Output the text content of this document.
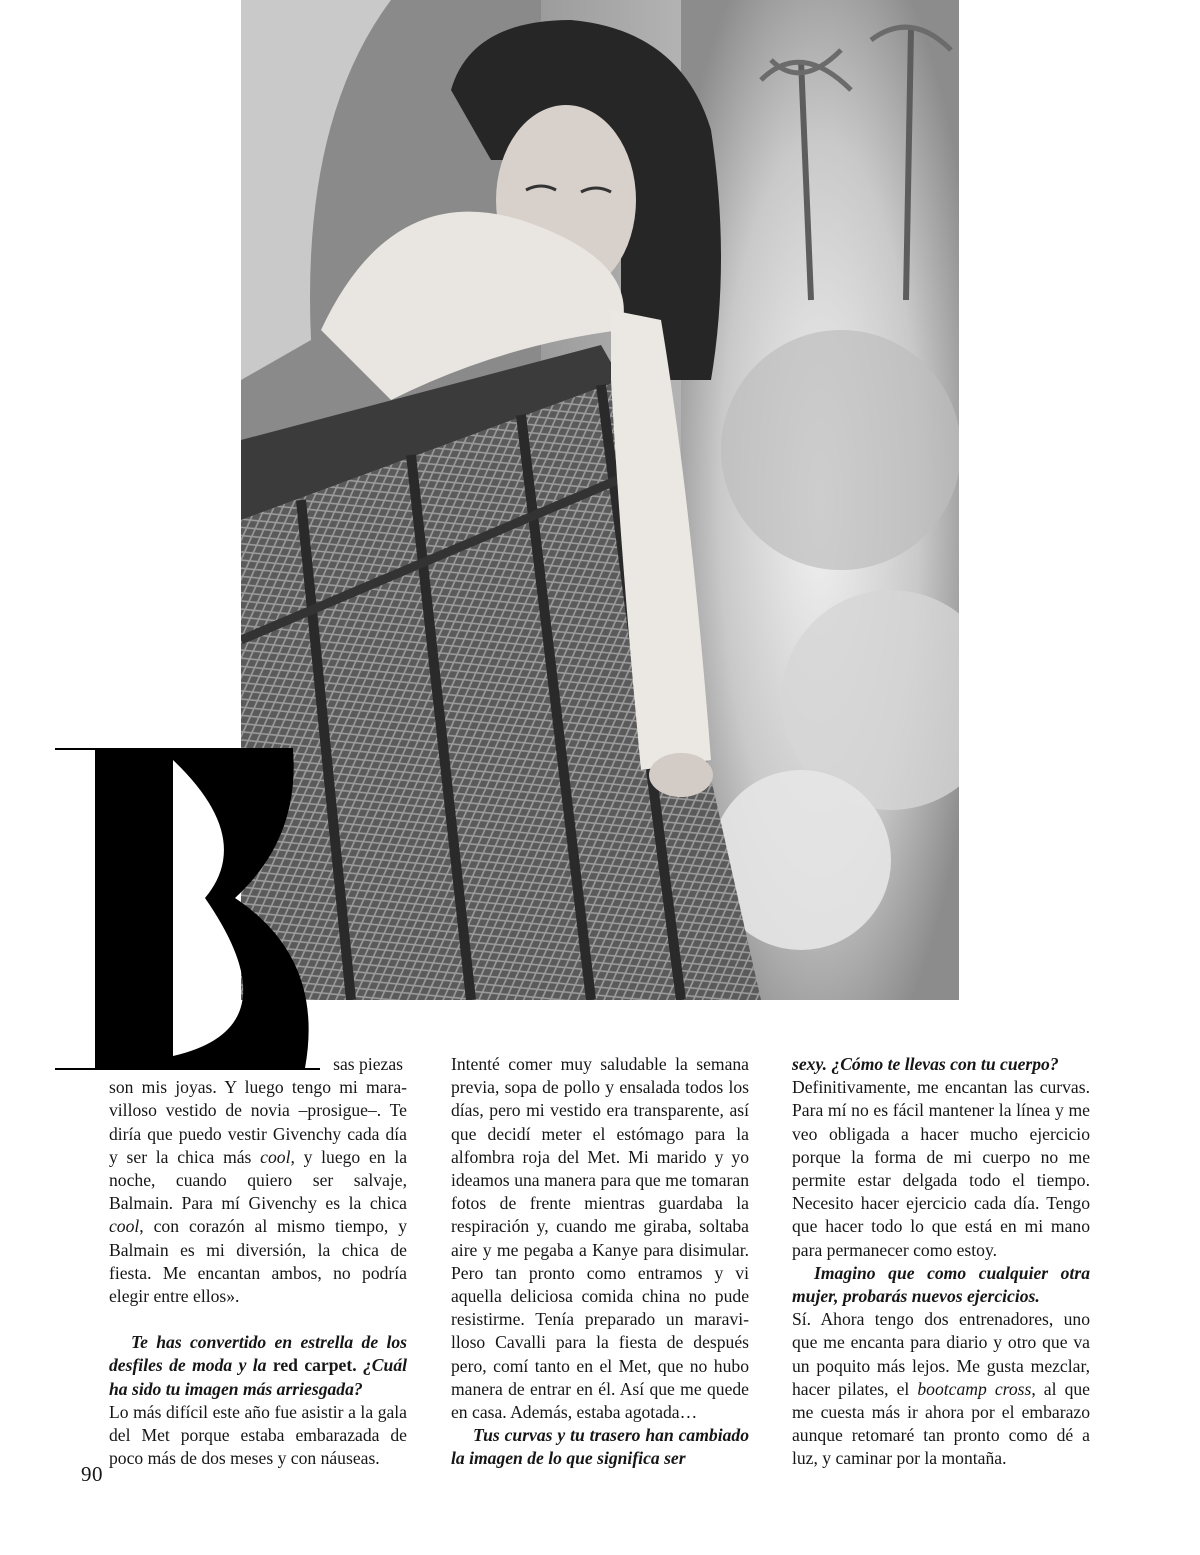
sas piezas

son mis joyas. Y luego tengo mi maravilloso vestido de novia –prosigue–. Te diría que puedo vestir Givenchy cada día y ser la chica más cool, y luego en la noche, cuando quiero ser salvaje, Balmain. Para mí Givenchy es la chica cool, con corazón al mismo tiempo, y Balmain es mi diversión, la chica de fiesta. Me encantan ambos, no podría elegir entre ellos».

Te has convertido en estrella de los desfiles de moda y la red carpet. ¿Cuál ha sido tu imagen más arriesgada?

Lo más difícil este año fue asistir a la gala del Met porque estaba embarazada de poco más de dos meses y con náuseas.

Intenté comer muy saludable la semana previa, sopa de pollo y ensalada todos los días, pero mi vestido era transparente, así que decidí meter el estómago para la alfombra roja del Met. Mi marido y yo ideamos una manera para que me tomaran fotos de frente mientras guardaba la respiración y, cuando me giraba, soltaba aire y me pegaba a Kanye para disimular. Pero tan pronto como entramos y vi aquella deliciosa comida china no pude resistirme. Tenía preparado un maravilloso Cavalli para la fiesta de después pero, comí tanto en el Met, que no hubo manera de entrar en él. Así que me quede en casa. Además, estaba agotada…

Tus curvas y tu trasero han cambiado la imagen de lo que significa ser

sexy. ¿Cómo te llevas con tu cuerpo?

Definitivamente, me encantan las curvas. Para mí no es fácil mantener la línea y me veo obligada a hacer mucho ejercicio porque la forma de mi cuerpo no me permite estar delgada todo el tiempo. Necesito hacer ejercicio cada día. Tengo que hacer todo lo que está en mi mano para permanecer como estoy.

Imagino que como cualquier otra mujer, probarás nuevos ejercicios.

Sí. Ahora tengo dos entrenadores, uno que me encanta para diario y otro que va un poquito más lejos. Me gusta mezclar, hacer pilates, el bootcamp cross, al que me cuesta más ir ahora por el embarazo aunque retomaré tan pronto como dé a luz, y caminar por la montaña.

90
